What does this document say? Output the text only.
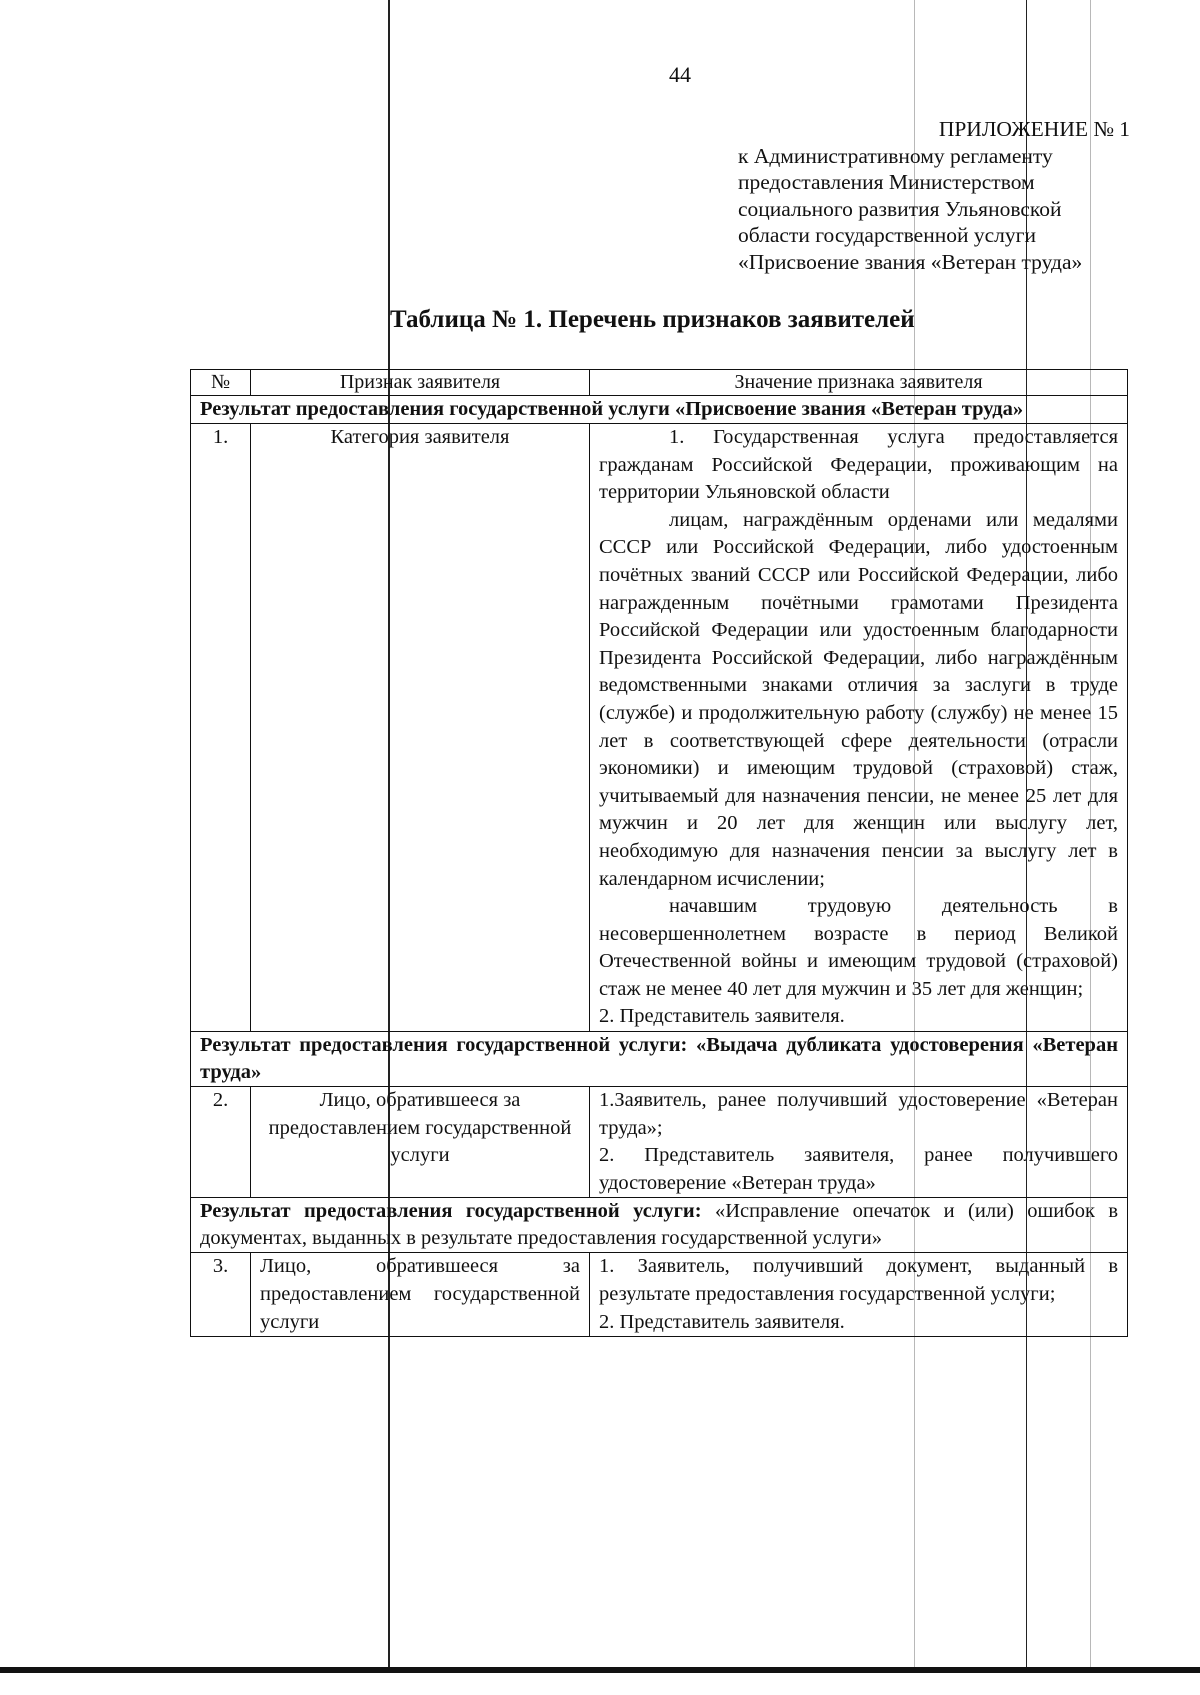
44
ПРИЛОЖЕНИЕ № 1
к Административному регламенту
предоставления Министерством
социального развития Ульяновской
области государственной услуги
«Присвоение звания «Ветеран труда»
Таблица № 1. Перечень признаков заявителей
№	Признак заявителя	Значение признака заявителя
Результат предоставления государственной услуги «Присвоение звания «Ветеран труда»		
1.	Категория заявителя	1. Государственная услуга предоставляется гражданам Российской Федерации, проживающим на территории Ульяновской области
лицам, награждённым орденами или медалями СССР или Российской Федерации, либо удостоенным почётных званий СССР или Российской Федерации, либо награжденным почётными грамотами Президента Российской Федерации или удостоенным благодарности Президента Российской Федерации, либо награждённым ведомственными знаками отличия за заслуги в труде (службе) и продолжительную работу (службу) не менее 15 лет в соответствующей сфере деятельности (отрасли экономики) и имеющим трудовой (страховой) стаж, учитываемый для назначения пенсии, не менее 25 лет для мужчин и 20 лет для женщин или выслугу лет, необходимую для назначения пенсии за выслугу лет в календарном исчислении;
начавшим трудовую деятельность в несовершеннолетнем возрасте в период Великой Отечественной войны и имеющим трудовой (страховой) стаж не менее 40 лет для мужчин и 35 лет для женщин;
2. Представитель заявителя.

Результат предоставления государственной услуги: «Выдача дубликата удостоверения «Ветеран труда»		
2.	Лицо, обратившееся за предоставлением государственной услуги	1.Заявитель, ранее получивший удостоверение «Ветеран труда»;
2. Представитель заявителя, ранее получившего удостоверение «Ветеран труда»

Результат предоставления государственной услуги: «Исправление опечаток и (или) ошибок в документах, выданных в результате предоставления государственной услуги»		
3.	Лицо, обратившееся за предоставлением государственной услуги	1. Заявитель, получивший документ, выданный в результате предоставления государственной услуги;
2. Представитель заявителя.
